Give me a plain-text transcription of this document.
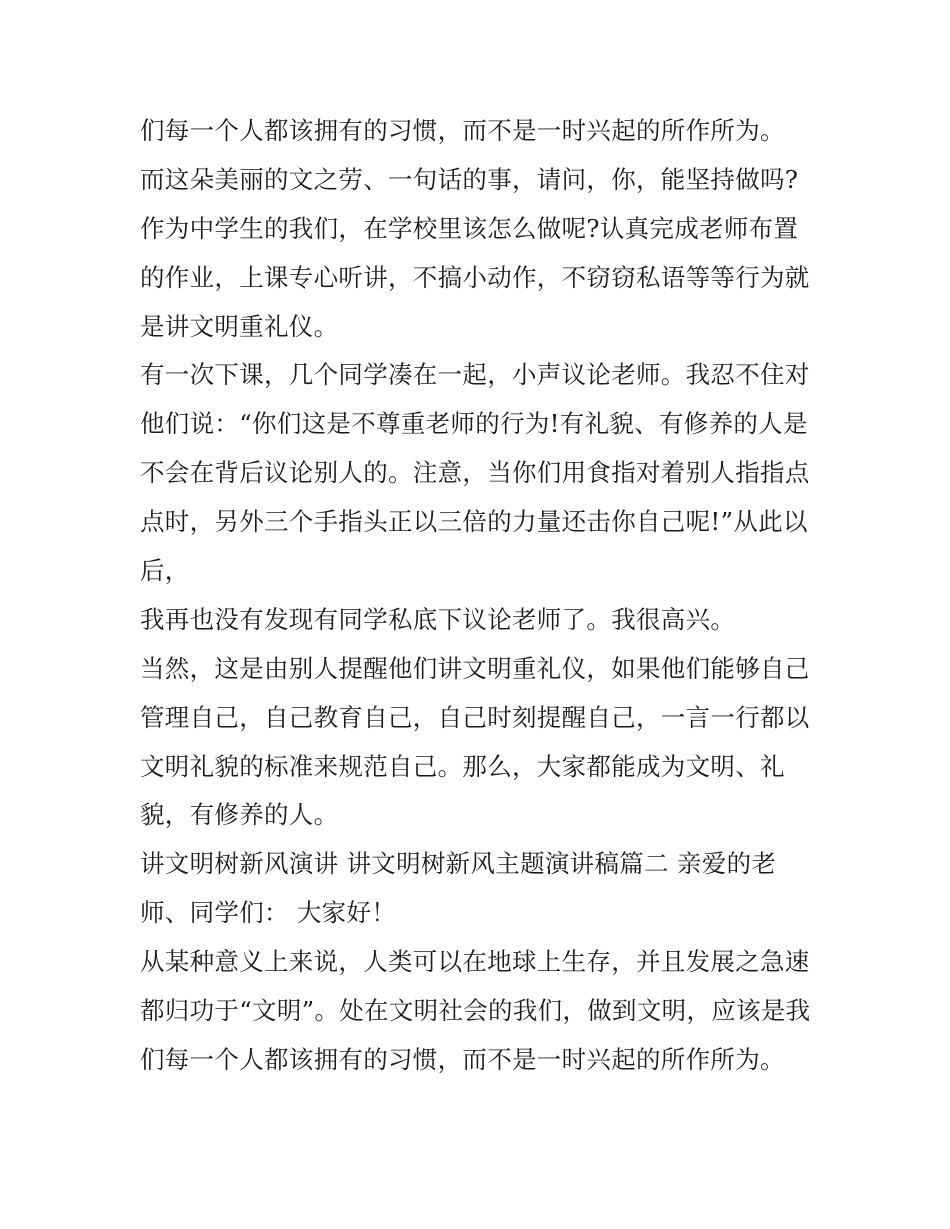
们每一个人都该拥有的习惯，而不是一时兴起的所作所为。
而这朵美丽的文之劳、一句话的事，请问，你，能坚持做吗?
作为中学生的我们，在学校里该怎么做呢?认真完成老师布置
的作业，上课专心听讲，不搞小动作，不窃窃私语等等行为就
是讲文明重礼仪。
有一次下课，几个同学凑在一起，小声议论老师。我忍不住对
他们说：“你们这是不尊重老师的行为!有礼貌、有修养的人是
不会在背后议论别人的。注意，当你们用食指对着别人指指点
点时，另外三个手指头正以三倍的力量还击你自己呢!”从此以
后，
我再也没有发现有同学私底下议论老师了。我很高兴。
当然，这是由别人提醒他们讲文明重礼仪，如果他们能够自己
管理自己，自己教育自己，自己时刻提醒自己，一言一行都以
文明礼貌的标准来规范自己。那么，大家都能成为文明、礼
貌，有修养的人。
讲文明树新风演讲 讲文明树新风主题演讲稿篇二 亲爱的老
师、同学们： 大家好！
从某种意义上来说，人类可以在地球上生存，并且发展之急速
都归功于“文明”。处在文明社会的我们，做到文明，应该是我
们每一个人都该拥有的习惯，而不是一时兴起的所作所为。
